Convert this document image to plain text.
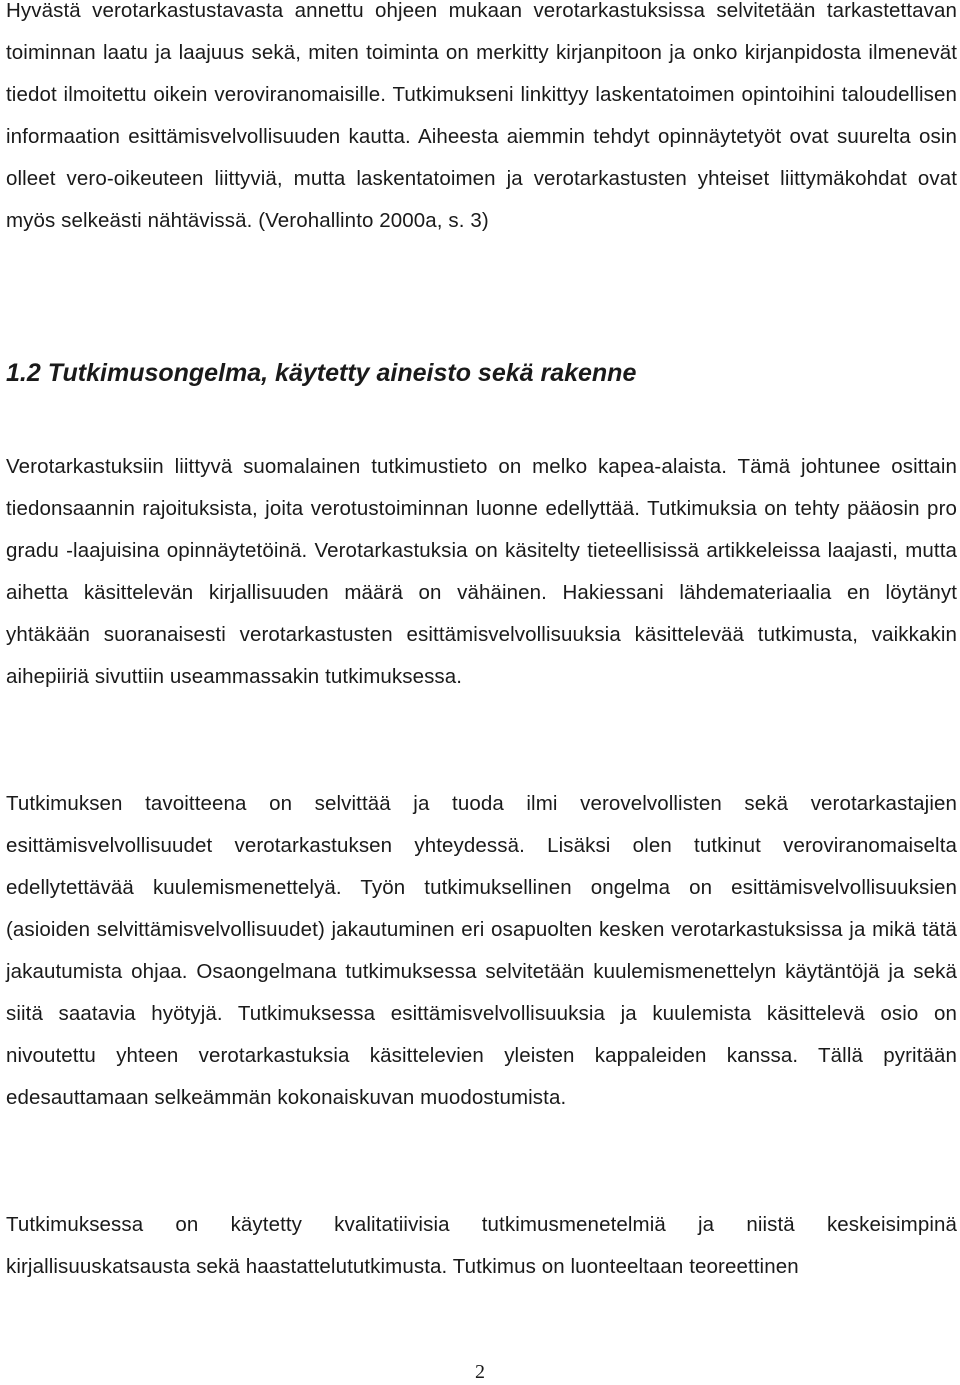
Hyvästä verotarkastustavasta annettu ohjeen mukaan verotarkastuksissa selvitetään tarkastettavan toiminnan laatu ja laajuus sekä, miten toiminta on merkitty kirjanpitoon ja onko kirjanpidosta ilmenevät tiedot ilmoitettu oikein veroviranomaisille. Tutkimukseni linkittyy laskentatoimen opintoihini taloudellisen informaation esittämisvelvollisuuden kautta. Aiheesta aiemmin tehdyt opinnäytetyöt ovat suurelta osin olleet vero-oikeuteen liittyviä, mutta laskentatoimen ja verotarkastusten yhteiset liittymäkohdat ovat myös selkeästi nähtävissä. (Verohallinto 2000a, s. 3)

1.2 Tutkimusongelma, käytetty aineisto sekä rakenne

Verotarkastuksiin liittyvä suomalainen tutkimustieto on melko kapea-alaista. Tämä johtunee osittain tiedonsaannin rajoituksista, joita verotustoiminnan luonne edellyttää. Tutkimuksia on tehty pääosin pro gradu -laajuisina opinnäytetöinä. Verotarkastuksia on käsitelty tieteellisissä artikkeleissa laajasti, mutta aihetta käsittelevän kirjallisuuden määrä on vähäinen. Hakiessani lähdemateriaalia en löytänyt yhtäkään suoranaisesti verotarkastusten esittämisvelvollisuuksia käsittelevää tutkimusta, vaikkakin aihepiiriä sivuttiin useammassakin tutkimuksessa.

Tutkimuksen tavoitteena on selvittää ja tuoda ilmi verovelvollisten sekä verotarkastajien esittämisvelvollisuudet verotarkastuksen yhteydessä. Lisäksi olen tutkinut veroviranomaiselta edellytettävää kuulemismenettelyä. Työn tutkimuksellinen ongelma on esittämisvelvollisuuksien (asioiden selvittämisvelvollisuudet) jakautuminen eri osapuolten kesken verotarkastuksissa ja mikä tätä jakautumista ohjaa. Osaongelmana tutkimuksessa selvitetään kuulemismenettelyn käytäntöjä ja sekä siitä saatavia hyötyjä. Tutkimuksessa esittämisvelvollisuuksia ja kuulemista käsittelevä osio on nivoutettu yhteen verotarkastuksia käsittelevien yleisten kappaleiden kanssa. Tällä pyritään edesauttamaan selkeämmän kokonaiskuvan muodostumista.

Tutkimuksessa on käytetty kvalitatiivisia tutkimusmenetelmiä ja niistä keskeisimpinä kirjallisuuskatsausta sekä haastattelututkimusta. Tutkimus on luonteeltaan teoreettinen

2
